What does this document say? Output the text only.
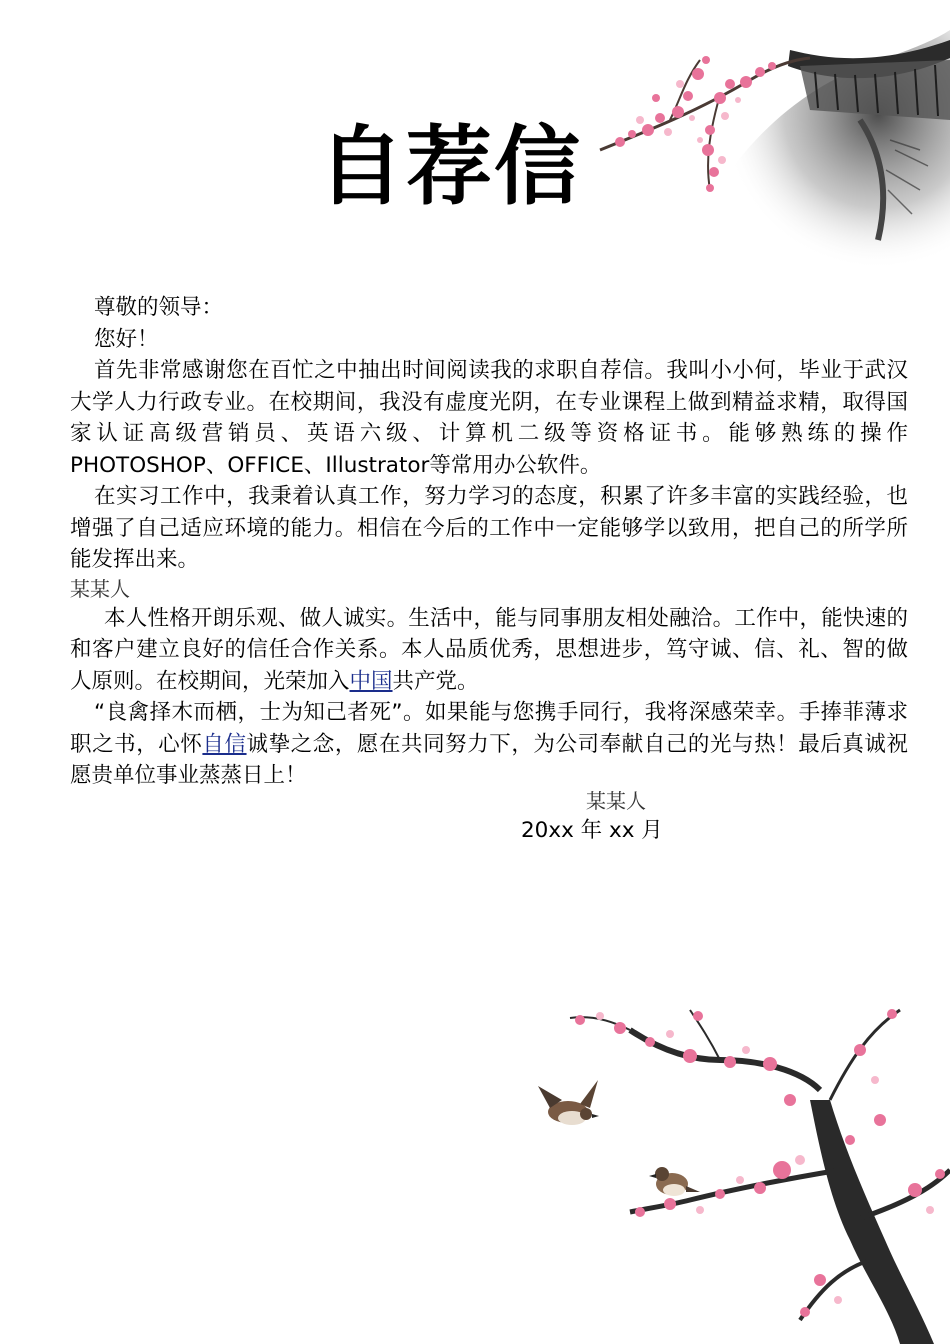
自荐信

尊敬的领导：

您好！

首先非常感谢您在百忙之中抽出时间阅读我的求职自荐信。我叫小小何，毕业于武汉大学人力行政专业。在校期间，我没有虚度光阴，在专业课程上做到精益求精，取得国家认证高级营销员、英语六级、计算机二级等资格证书。能够熟练的操作PHOTOSHOP、OFFICE、Illustrator等常用办公软件。

在实习工作中，我秉着认真工作，努力学习的态度，积累了许多丰富的实践经验，也增强了自己适应环境的能力。相信在今后的工作中一定能够学以致用，把自己的所学所能发挥出来。

某某人

本人性格开朗乐观、做人诚实。生活中，能与同事朋友相处融洽。工作中，能快速的和客户建立良好的信任合作关系。本人品质优秀，思想进步，笃守诚、信、礼、智的做人原则。在校期间，光荣加入中国共产党。

“良禽择木而栖，士为知己者死”。如果能与您携手同行，我将深感荣幸。手捧菲薄求职之书，心怀自信诚挚之念，愿在共同努力下，为公司奉献自己的光与热！最后真诚祝愿贵单位事业蒸蒸日上！

某某人
20xx 年 xx 月
